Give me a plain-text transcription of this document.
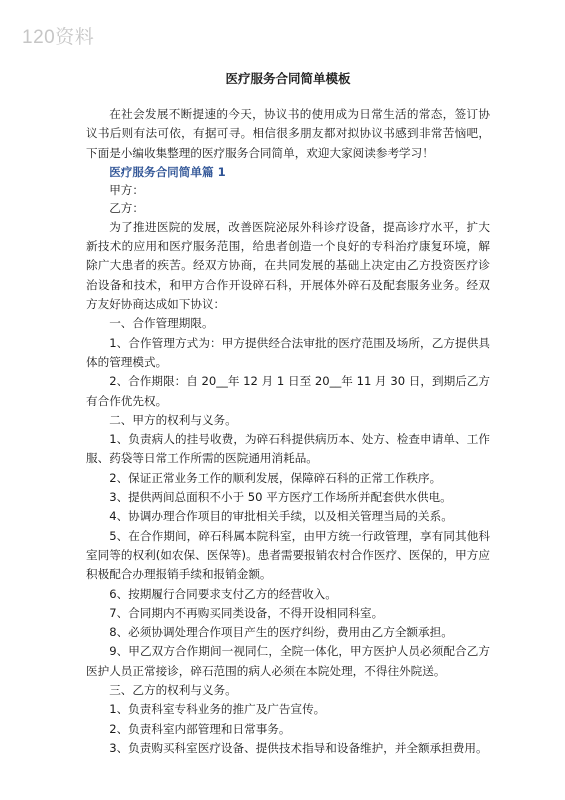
120资料
医疗服务合同简单模板

在社会发展不断提速的今天，协议书的使用成为日常生活的常态，签订协议书后则有法可依，有据可寻。相信很多朋友都对拟协议书感到非常苦恼吧，下面是小编收集整理的医疗服务合同简单，欢迎大家阅读参考学习！

医疗服务合同简单篇 1

甲方：

乙方：

为了推进医院的发展，改善医院泌尿外科诊疗设备，提高诊疗水平，扩大新技术的应用和医疗服务范围，给患者创造一个良好的专科治疗康复环境，解除广大患者的疾苦。经双方协商，在共同发展的基础上决定由乙方投资医疗诊治设备和技术，和甲方合作开设碎石科，开展体外碎石及配套服务业务。经双方友好协商达成如下协议：

一、合作管理期限。

1、合作管理方式为：甲方提供经合法审批的医疗范围及场所，乙方提供具体的管理模式。

2、合作期限：自 20__年 12 月 1 日至 20__年 11 月 30 日，到期后乙方有合作优先权。

二、甲方的权利与义务。

1、负责病人的挂号收费，为碎石科提供病历本、处方、检查申请单、工作服、药袋等日常工作所需的医院通用消耗品。

2、保证正常业务工作的顺利发展，保障碎石科的正常工作秩序。

3、提供两间总面积不小于 50 平方医疗工作场所并配套供水供电。

4、协调办理合作项目的审批相关手续，以及相关管理当局的关系。

5、在合作期间，碎石科属本院科室，由甲方统一行政管理，享有同其他科室同等的权利(如农保、医保等)。患者需要报销农村合作医疗、医保的，甲方应积极配合办理报销手续和报销金额。

6、按期履行合同要求支付乙方的经营收入。

7、合同期内不再购买同类设备，不得开设相同科室。

8、必须协调处理合作项目产生的医疗纠纷，费用由乙方全额承担。

9、甲乙双方合作期间一视同仁，全院一体化，甲方医护人员必须配合乙方医护人员正常接诊，碎石范围的病人必须在本院处理，不得往外院送。

三、乙方的权利与义务。

1、负责科室专科业务的推广及广告宣传。

2、负责科室内部管理和日常事务。

3、负责购买科室医疗设备、提供技术指导和设备维护，并全额承担费用。
